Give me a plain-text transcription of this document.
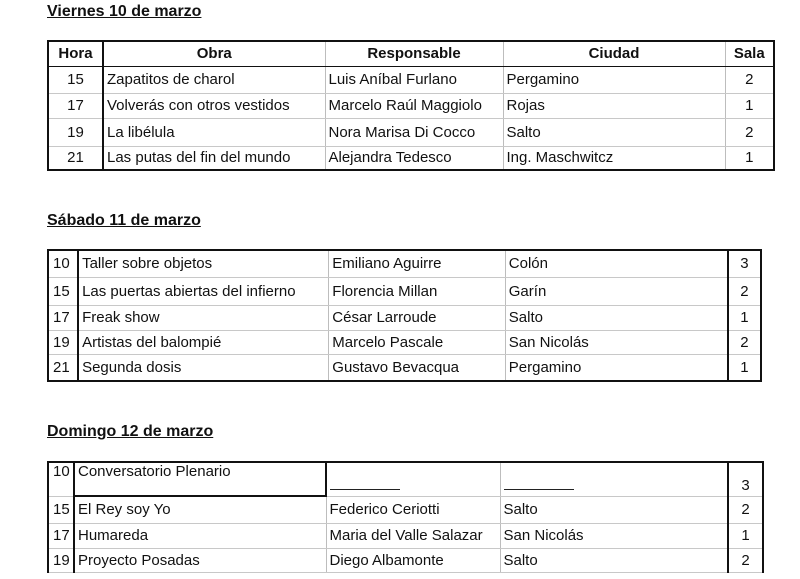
Viernes 10 de marzo
Hora	Obra	Responsable	Ciudad	Sala
15	Zapatitos de charol	Luis Aníbal Furlano	Pergamino	2
17	Volverás con otros vestidos	Marcelo Raúl Maggiolo	Rojas	1
19	La libélula	Nora Marisa Di Cocco	Salto	2
21	Las putas del fin del mundo	Alejandra Tedesco	Ing. Maschwitcz	1
Sábado 11 de marzo
10	Taller sobre objetos	Emiliano Aguirre	Colón	3
15	Las puertas abiertas del infierno	Florencia Millan	Garín	2
17	Freak show	César Larroude	Salto	1
19	Artistas del balompié	Marcelo Pascale	San Nicolás	2
21	Segunda dosis	Gustavo Bevacqua	Pergamino	1
Domingo 12 de marzo
10	Conversatorio Plenario			3
15	El Rey soy Yo	Federico Ceriotti	Salto	2
17	Humareda	Maria del Valle Salazar	San Nicolás	1
19	Proyecto Posadas	Diego Albamonte	Salto	2
